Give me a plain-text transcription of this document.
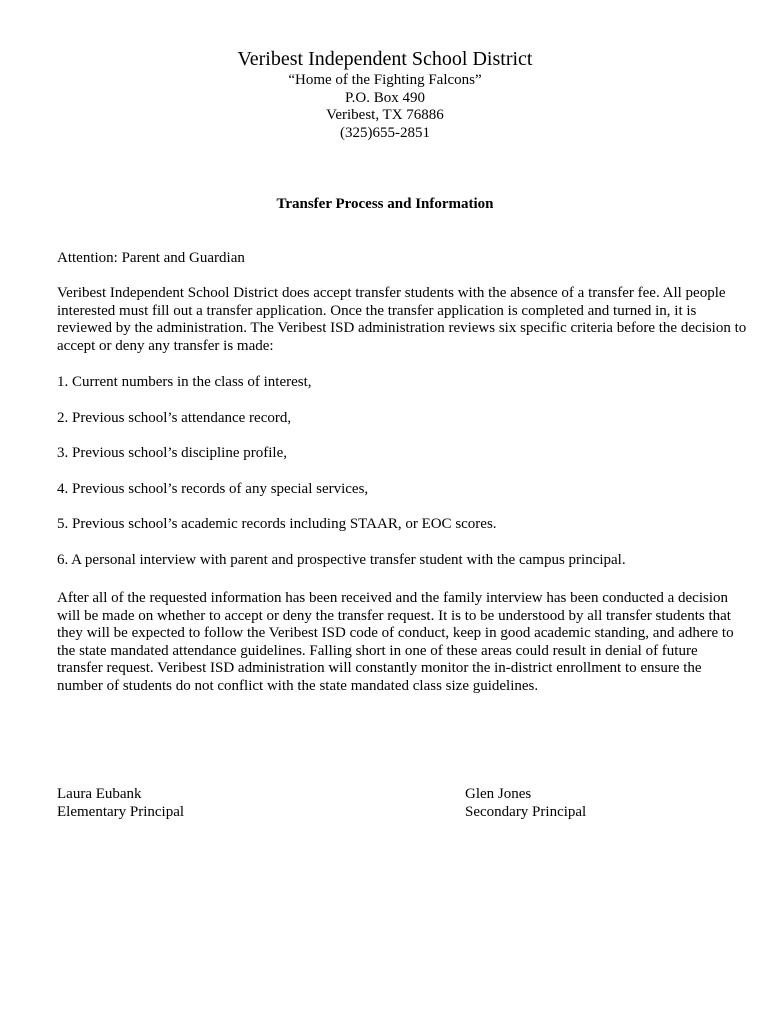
Veribest Independent School District

“Home of the Fighting Falcons”

P.O. Box 490

Veribest, TX 76886

(325)655-2851

Transfer Process and Information

Attention: Parent and Guardian

Veribest Independent School District does accept transfer students with the absence of a transfer fee. All people interested must fill out a transfer application. Once the transfer application is completed and turned in, it is reviewed by the administration. The Veribest ISD administration reviews six specific criteria before the decision to accept or deny any transfer is made:

1. Current numbers in the class of interest,
2. Previous school’s attendance record,
3. Previous school’s discipline profile,
4. Previous school’s records of any special services,
5. Previous school’s academic records including STAAR, or EOC scores.
6. A personal interview with parent and prospective transfer student with the campus principal.

After all of the requested information has been received and the family interview has been conducted a decision will be made on whether to accept or deny the transfer request. It is to be understood by all transfer students that they will be expected to follow the Veribest ISD code of conduct, keep in good academic standing, and adhere to the state mandated attendance guidelines. Falling short in one of these areas could result in denial of future transfer request. Veribest ISD administration will constantly monitor the in-district enrollment to ensure the number of students do not conflict with the state mandated class size guidelines.

Laura Eubank
Elementary Principal
Glen Jones
Secondary Principal
